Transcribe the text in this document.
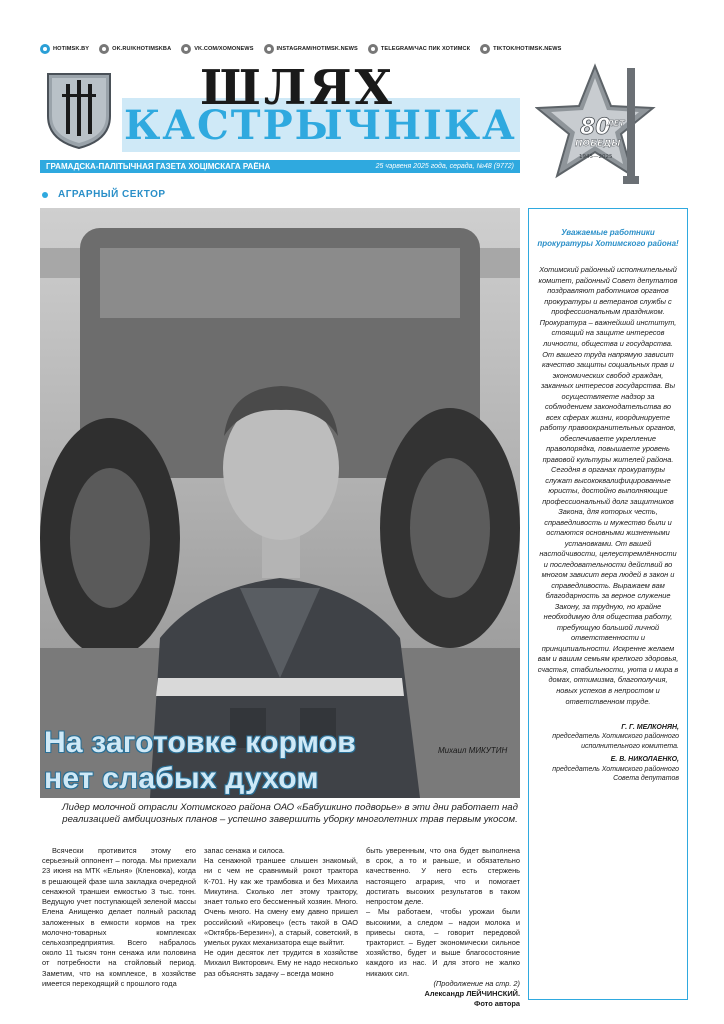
HOTIMSK.BY	OK.RU/KHOTIMSKBA	VK.COM/XOMONEWS	INSTAGRAM/HOTIMSK.NEWS	TELEGRAM/ЧАС ПИК ХОТИМСК	TIKTOK/HOTIMSK.NEWS
ШЛЯХ
КАСТРЫЧНІКА
ГРАМАДСКА-ПАЛІТЫЧНАЯ ГАЗЕТА ХОЦІМСКАГА РАЁНА	25 чэрвеня 2025 года, серада, №48 (9772)
80
ЛЕТ
ПОБЕДЫ
1945—2025
АГРАРНЫЙ СЕКТОР
На заготовке кормов
нет слабых духом
Михаил МИКУТИН
Лидер молочной отрасли Хотимского района ОАО «Бабушкино подворье» в эти дни работает над реализацией амбициозных планов – успешно завершить уборку многолетних трав первым укосом.

Всячески противится этому его серьезный оппонент – погода. Мы приехали 23 июня на МТК «Ельня» (Кленовка), когда в решающей фазе шла закладка очередной сенажной траншеи емкостью 3 тыс. тонн. Ведущую учет поступающей зеленой массы Елена Анищенко делает полный расклад заложенных в емкости кормов на трех молочно-товарных комплексах сельхозпредприятия. Всего набралось около 11 тысяч тонн сенажа или половина от потребности на стойловый период. Заметим, что на комплексе, в хозяйстве имеется переходящий с прошлого года

запас сенажа и силоса.
На сенажной траншее слышен знакомый, ни с чем не сравнимый рокот трактора К-701. Ну как же трамбовка и без Михаила Микутина. Сколько лет этому трактору, знает только его бессменный хозяин. Много. Очень много. На смену ему давно пришел российский «Кировец» (есть такой в ОАО «Октябрь-Березин»), а старый, советский, в умелых руках механизатора еще выйтит.
Не один десяток лет трудится в хозяйстве Михаил Викторович. Ему не надо несколько раз объяснять задачу – всегда можно

быть уверенным, что она будет выполнена в срок, а то и раньше, и обязательно качественно. У него есть стержень настоящего агрария, что и помогает достигать высоких результатов в таком непростом деле.
– Мы работаем, чтобы урожаи были высокими, а следом – надои молока и привесы скота, – говорит передовой тракторист. – Будет экономически сильное хозяйство, будет и выше благосостояние каждого из нас. И для этого не жалко никаких сил.

(Продолжение на стр. 2)

Александр ЛЕЙЧИНСКИЙ.

Фото автора

Уважаемые работники прокуратуры Хотимского района!
Хотимский районный исполнительный комитет, районный Совет депутатов поздравляют работников органов прокуратуры и ветеранов службы с профессиональным праздником. Прокуратура – важнейший институт, стоящий на защите интересов личности, общества и государства. От вашего труда напрямую зависит качество защиты социальных прав и экономических свобод граждан, заканных интересов государства. Вы осуществляете надзор за соблюдением законодательства во всех сферах жизни, координируете работу правоохранительных органов, обеспечиваете укрепление правопорядка, повышаете уровень правовой культуры жителей района. Сегодня в органах прокуратуры служат высококвалифицированные юристы, достойно выполняющие профессиональный долг защитников Закона, для которых честь, справедливость и мужество были и остаются основными жизненными установками. От вашей настойчивости, целеустремлённости и последовательности действий во многом зависит вера людей в закон и справедливость. Выражаем вам благодарность за верное служение Закону, за трудную, но крайне необходимую для общества работу, требующую большой личной ответственности и принципиальности. Искренне желаем вам и вашим семьям крепкого здоровья, счастья, стабильности, уюта и мира в домах, оптимизма, благополучия, новых успехов в непростом и ответственном труде.
Г. Г. МЕЛКОНЯН,
председатель Хотимского районного исполнительного комитета.
Е. В. НИКОЛАЕНКО,
председатель Хотимского районного Совета депутатов
